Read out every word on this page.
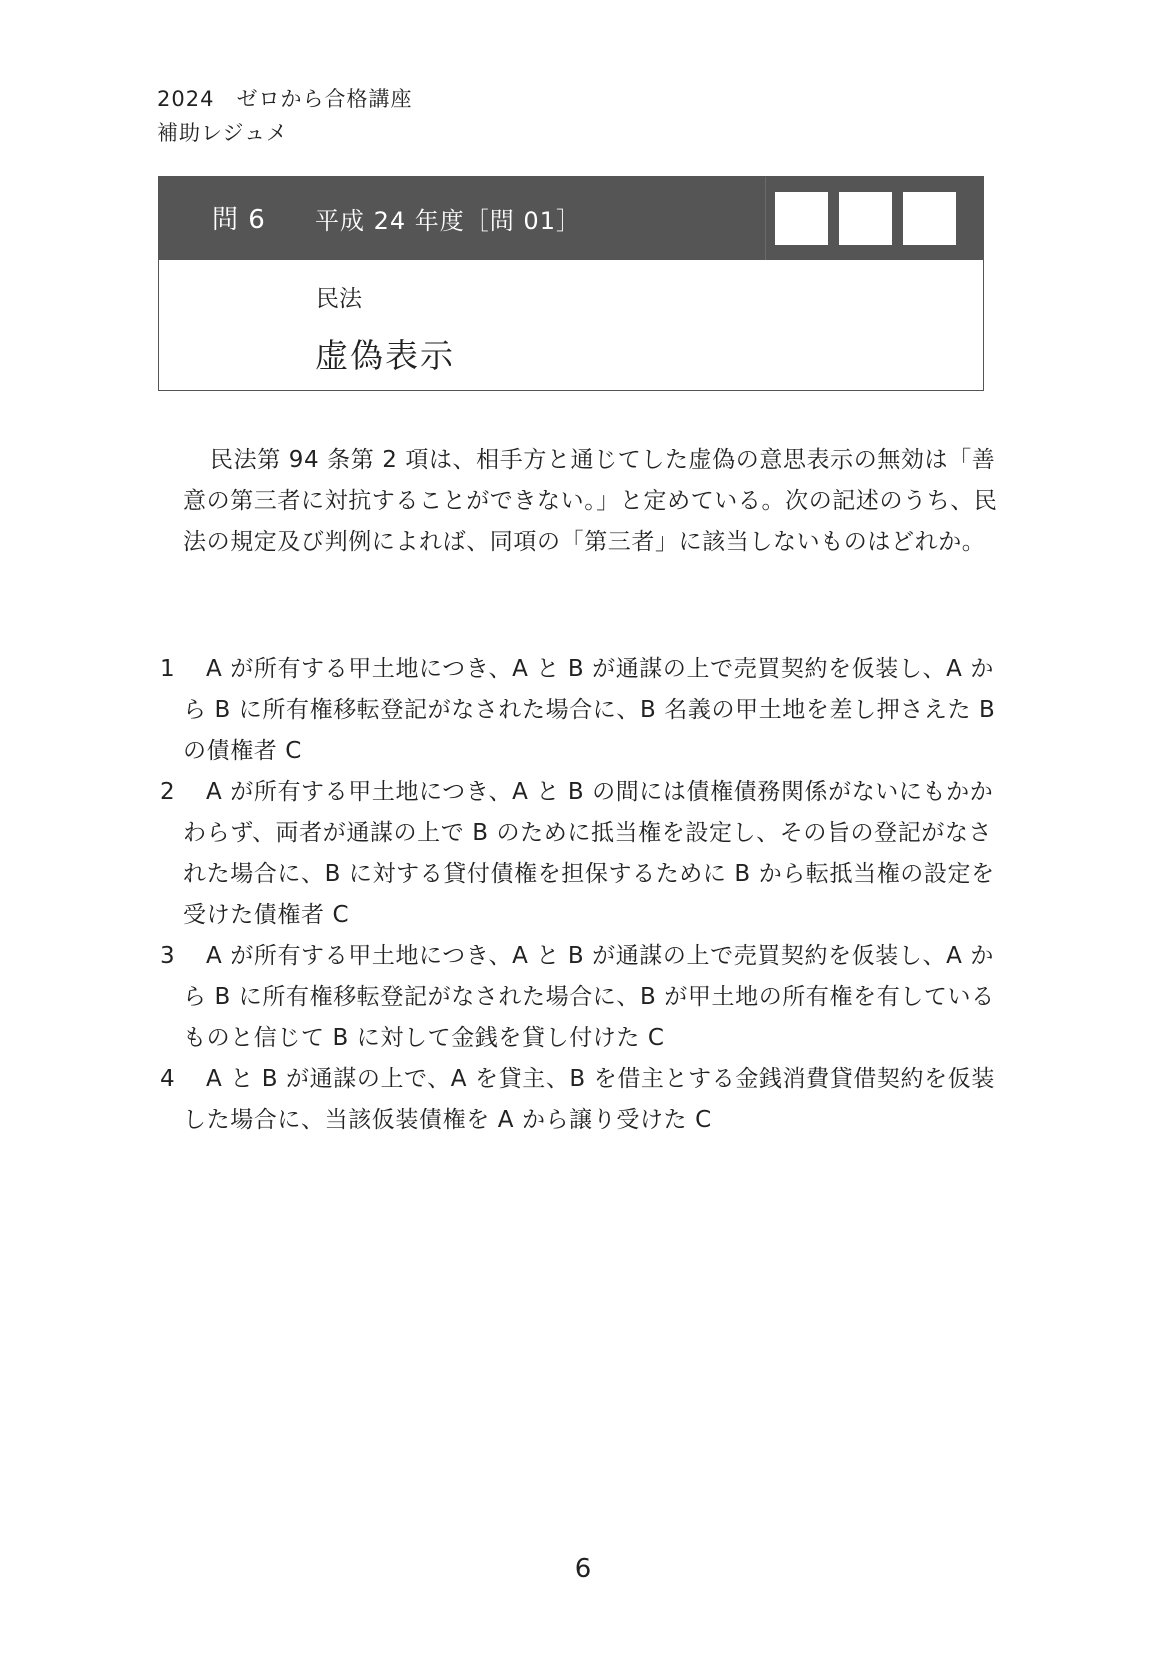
2024　ゼロから合格講座
補助レジュメ
問 6 平成 24 年度［問 01］
民法
虚偽表示

民法第 94 条第 2 項は、相手方と通じてした虚偽の意思表示の無効は「善意の第三者に対抗することができない。」と定めている。次の記述のうち、民法の規定及び判例によれば、同項の「第三者」に該当しないものはどれか。

1	A が所有する甲土地につき、A と B が通謀の上で売買契約を仮装し、A から B に所有権移転登記がなされた場合に、B 名義の甲土地を差し押さえた B の債権者 C
2	A が所有する甲土地につき、A と B の間には債権債務関係がないにもかかわらず、両者が通謀の上で B のために抵当権を設定し、その旨の登記がなされた場合に、B に対する貸付債権を担保するために B から転抵当権の設定を受けた債権者 C
3	A が所有する甲土地につき、A と B が通謀の上で売買契約を仮装し、A から B に所有権移転登記がなされた場合に、B が甲土地の所有権を有しているものと信じて B に対して金銭を貸し付けた C
4	A と B が通謀の上で、A を貸主、B を借主とする金銭消費貸借契約を仮装した場合に、当該仮装債権を A から譲り受けた C
6
